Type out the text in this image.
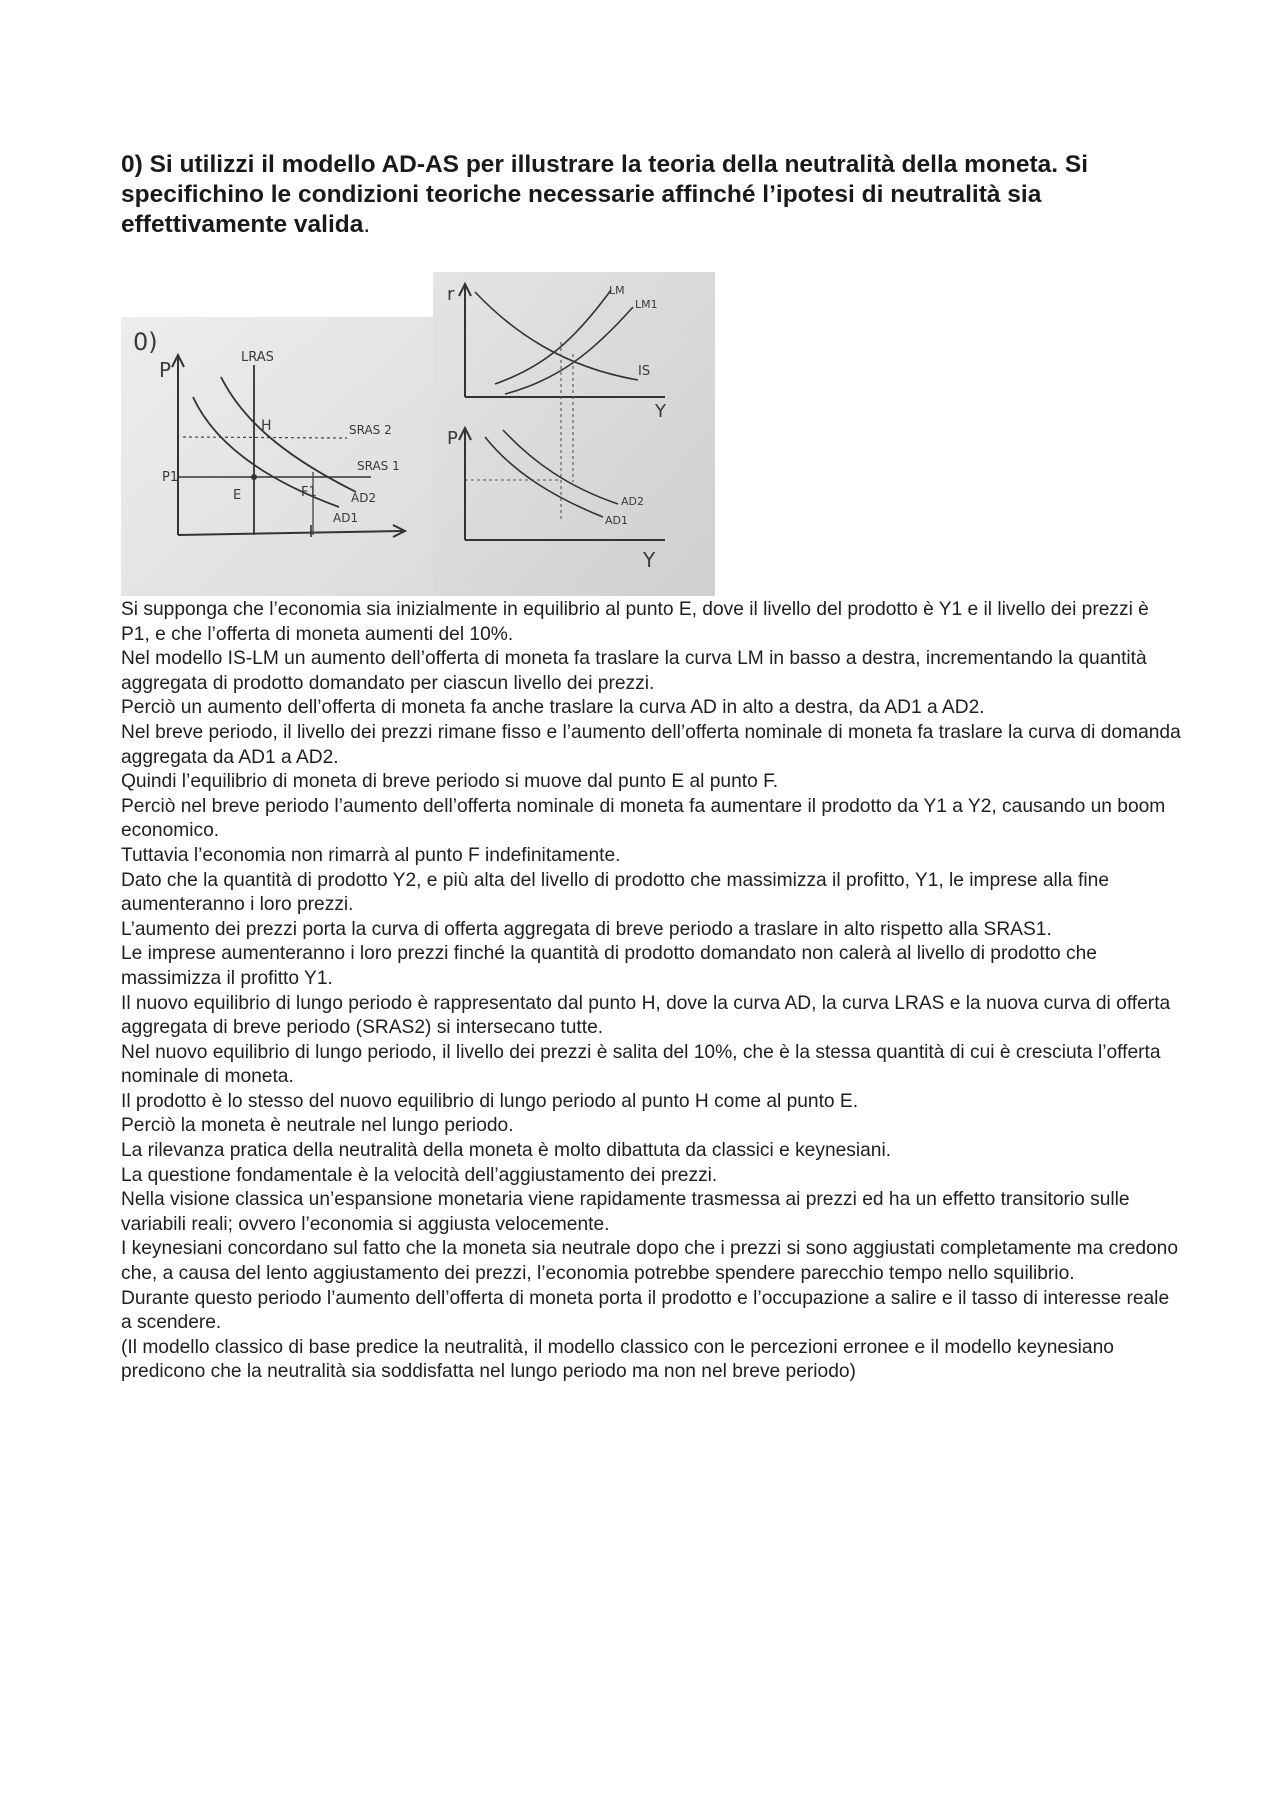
0) Si utilizzi il modello AD-AS per illustrare la teoria della neutralità della moneta. Si specifichino le condizioni teoriche necessarie affinché l’ipotesi di neutralità sia effettivamente valida.
0)
P
LRAS
H	SRAS 2
SRAS 1
P1
E	F1	AD2
AD1
r	LM
LM1
IS
Y
P
AD2
AD1
Y

Si supponga che l’economia sia inizialmente in equilibrio al punto E, dove il livello del prodotto è Y1 e il livello dei prezzi è P1, e che l’offerta di moneta aumenti del 10%.

Nel modello IS-LM un aumento dell’offerta di moneta fa traslare la curva LM in basso a destra, incrementando la quantità aggregata di prodotto domandato per ciascun livello dei prezzi.

Perciò un aumento dell’offerta di moneta fa anche traslare la curva AD in alto a destra, da AD1 a AD2.

Nel breve periodo, il livello dei prezzi rimane fisso e l’aumento dell’offerta nominale di moneta fa traslare la curva di domanda aggregata da AD1 a AD2.

Quindi l’equilibrio di moneta di breve periodo si muove dal punto E al punto F.

Perciò nel breve periodo l’aumento dell’offerta nominale di moneta fa aumentare il prodotto da Y1 a Y2, causando un boom economico.

Tuttavia l’economia non rimarrà al punto F indefinitamente.

Dato che la quantità di prodotto Y2, e più alta del livello di prodotto che massimizza il profitto, Y1, le imprese alla fine aumenteranno i loro prezzi.

L’aumento dei prezzi porta la curva di offerta aggregata di breve periodo a traslare in alto rispetto alla SRAS1.

Le imprese aumenteranno i loro prezzi finché la quantità di prodotto domandato non calerà al livello di prodotto che massimizza il profitto Y1.

Il nuovo equilibrio di lungo periodo è rappresentato dal punto H, dove la curva AD, la curva LRAS e la nuova curva di offerta aggregata di breve periodo (SRAS2) si intersecano tutte.

Nel nuovo equilibrio di lungo periodo, il livello dei prezzi è salita del 10%, che è la stessa quantità di cui è cresciuta l’offerta nominale di moneta.

Il prodotto è lo stesso del nuovo equilibrio di lungo periodo al punto H come al punto E.

Perciò la moneta è neutrale nel lungo periodo.

La rilevanza pratica della neutralità della moneta è molto dibattuta da classici e keynesiani.

La questione fondamentale è la velocità dell’aggiustamento dei prezzi.

Nella visione classica un’espansione monetaria viene rapidamente trasmessa ai prezzi ed ha un effetto transitorio sulle variabili reali; ovvero l’economia si aggiusta velocemente.

I keynesiani concordano sul fatto che la moneta sia neutrale dopo che i prezzi si sono aggiustati completamente ma credono che, a causa del lento aggiustamento dei prezzi, l’economia potrebbe spendere parecchio tempo nello squilibrio.

Durante questo periodo l’aumento dell’offerta di moneta porta il prodotto e l’occupazione a salire e il tasso di interesse reale a scendere.

(Il modello classico di base predice la neutralità, il modello classico con le percezioni erronee e il modello keynesiano predicono che la neutralità sia soddisfatta nel lungo periodo ma non nel breve periodo)
